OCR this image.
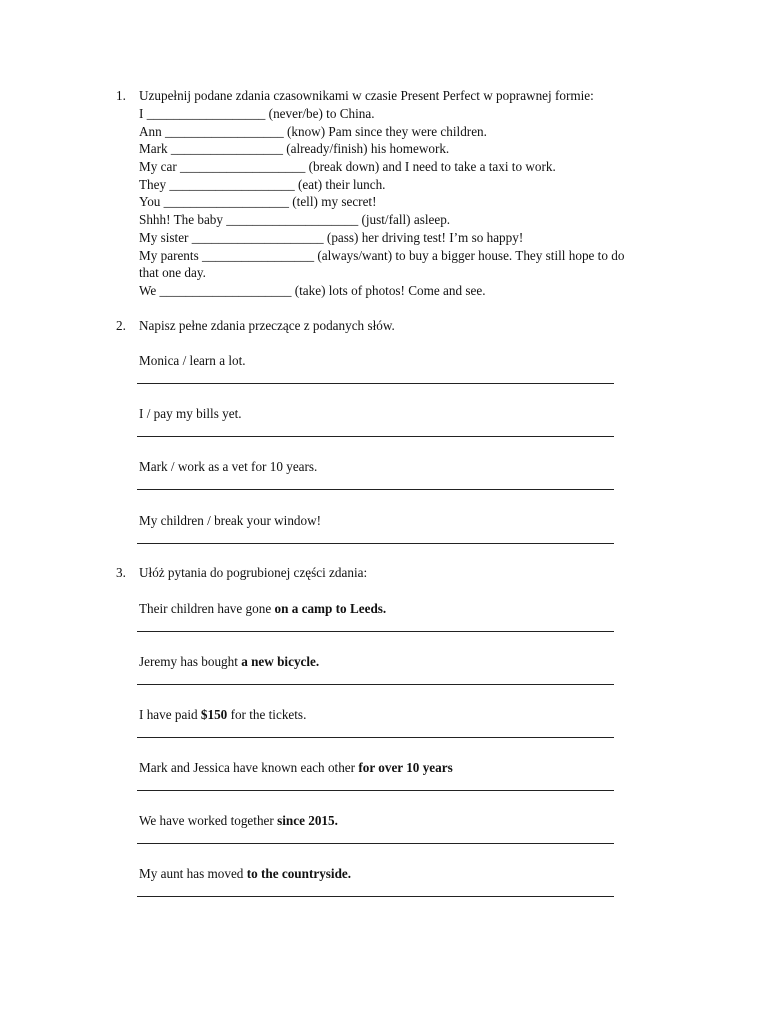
1. Uzupełnij podane zdania czasownikami w czasie Present Perfect w poprawnej formie:
I __________________ (never/be) to China.
Ann __________________ (know) Pam since they were children.
Mark _________________ (already/finish) his homework.
My car ___________________ (break down) and I need to take a taxi to work.
They ___________________ (eat) their lunch.
You ___________________ (tell) my secret!
Shhh! The baby ____________________ (just/fall) asleep.
My sister ____________________ (pass) her driving test! I’m so happy!
My parents _________________ (always/want) to buy a bigger house. They still hope to do
that one day.
We ____________________ (take) lots of photos! Come and see.
2. Napisz pełne zdania przeczące z podanych słów.
Monica / learn a lot.
I / pay my bills yet.
Mark / work as a vet for 10 years.
My children / break your window!
3. Ułóż pytania do pogrubionej części zdania:
Their children have gone on a camp to Leeds.
Jeremy has bought a new bicycle.
I have paid $150 for the tickets.
Mark and Jessica have known each other for over 10 years
We have worked together since 2015.
My aunt has moved to the countryside.
